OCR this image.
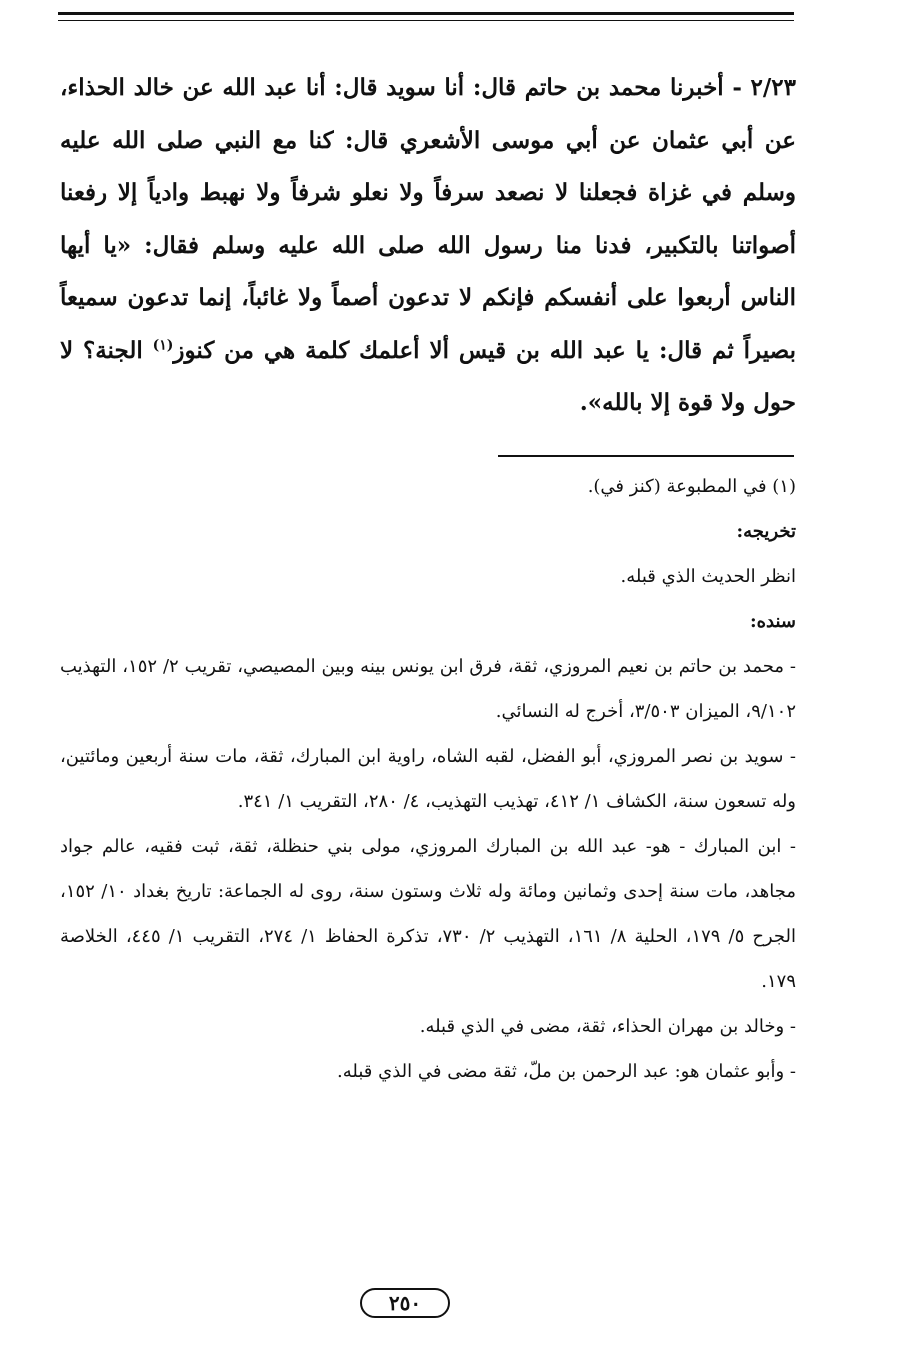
٢/٢٣ - أخبرنا محمد بن حاتم قال: أنا سويد قال: أنا عبد الله عن خالد الحذاء، عن أبي عثمان عن أبي موسى الأشعري قال: كنا مع النبي صلى الله عليه وسلم في غزاة فجعلنا لا نصعد سرفاً ولا نعلو شرفاً ولا نهبط وادياً إلا رفعنا أصواتنا بالتكبير، فدنا منا رسول الله صلى الله عليه وسلم فقال: «يا أيها الناس أربعوا على أنفسكم فإنكم لا تدعون أصماً ولا غائباً، إنما تدعون سميعاً بصيراً ثم قال: يا عبد الله بن قيس ألا أعلمك كلمة هي من كنوز$^{(١)}$ الجنة؟ لا حول ولا قوة إلا بالله».

(١) في المطبوعة (كنز في).

تخريجه:

انظر الحديث الذي قبله.

سنده:

- محمد بن حاتم بن نعيم المروزي، ثقة، فرق ابن يونس بينه وبين المصيصي، تقريب ٢/ ١٥٢، التهذيب ٩/١٠٢، الميزان ٣/٥٠٣، أخرج له النسائي.

- سويد بن نصر المروزي، أبو الفضل، لقبه الشاه، راوية ابن المبارك، ثقة، مات سنة أربعين ومائتين، وله تسعون سنة، الكشاف ١/ ٤١٢، تهذيب التهذيب، ٤/ ٢٨٠، التقريب ١/ ٣٤١.

- ابن المبارك - هو- عبد الله بن المبارك المروزي، مولى بني حنظلة، ثقة، ثبت فقيه، عالم جواد مجاهد، مات سنة إحدى وثمانين ومائة وله ثلاث وستون سنة، روى له الجماعة: تاريخ بغداد ١٠/ ١٥٢، الجرح ٥/ ١٧٩، الحلية ٨/ ١٦١، التهذيب ٢/ ٧٣٠، تذكرة الحفاظ ١/ ٢٧٤، التقريب ١/ ٤٤٥، الخلاصة ١٧٩.

- وخالد بن مهران الحذاء، ثقة، مضى في الذي قبله.

- وأبو عثمان هو: عبد الرحمن بن ملّ، ثقة مضى في الذي قبله.

٢٥٠
